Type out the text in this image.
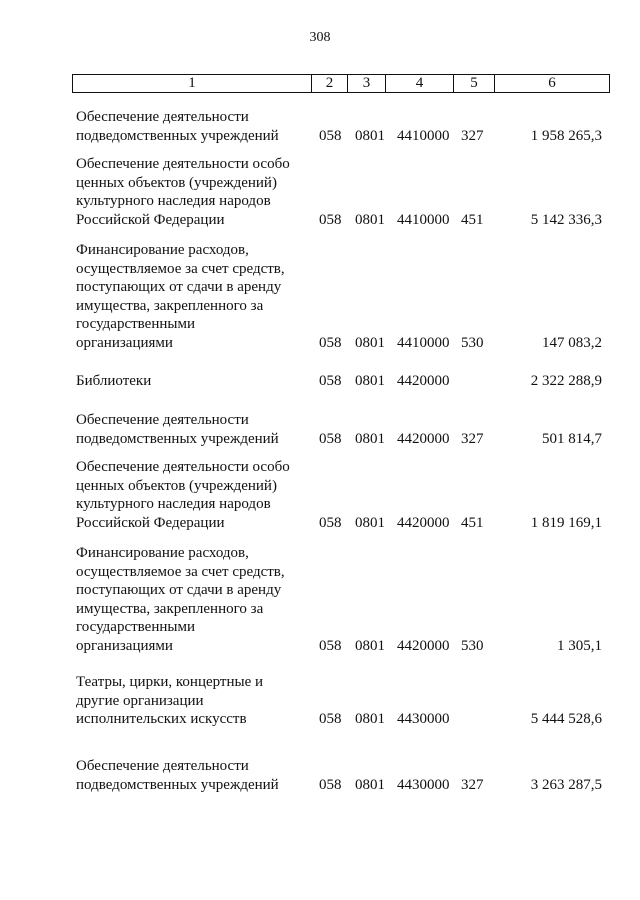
308
1	2	3	4	5	6
Обеспечение деятельности
подведомственных учреждений	058 0801 4410000 327	1 958 265,3
Обеспечение деятельности особо
ценных объектов (учреждений)
культурного наследия народов
Российской Федерации	058 0801 4410000 451	5 142 336,3
Финансирование расходов,
осуществляемое за счет средств,
поступающих от сдачи в аренду
имущества, закрепленного за
государственными
организациями	058 0801 4410000 530	147 083,2
Библиотеки	058 0801 4420000	2 322 288,9
Обеспечение деятельности
подведомственных учреждений	058 0801 4420000 327	501 814,7
Обеспечение деятельности особо
ценных объектов (учреждений)
культурного наследия народов
Российской Федерации	058 0801 4420000 451	1 819 169,1
Финансирование расходов,
осуществляемое за счет средств,
поступающих от сдачи в аренду
имущества, закрепленного за
государственными
организациями	058 0801 4420000 530	1 305,1
Театры, цирки, концертные и
другие организации
исполнительских искусств	058 0801 4430000	5 444 528,6
Обеспечение деятельности
подведомственных учреждений	058 0801 4430000 327	3 263 287,5
